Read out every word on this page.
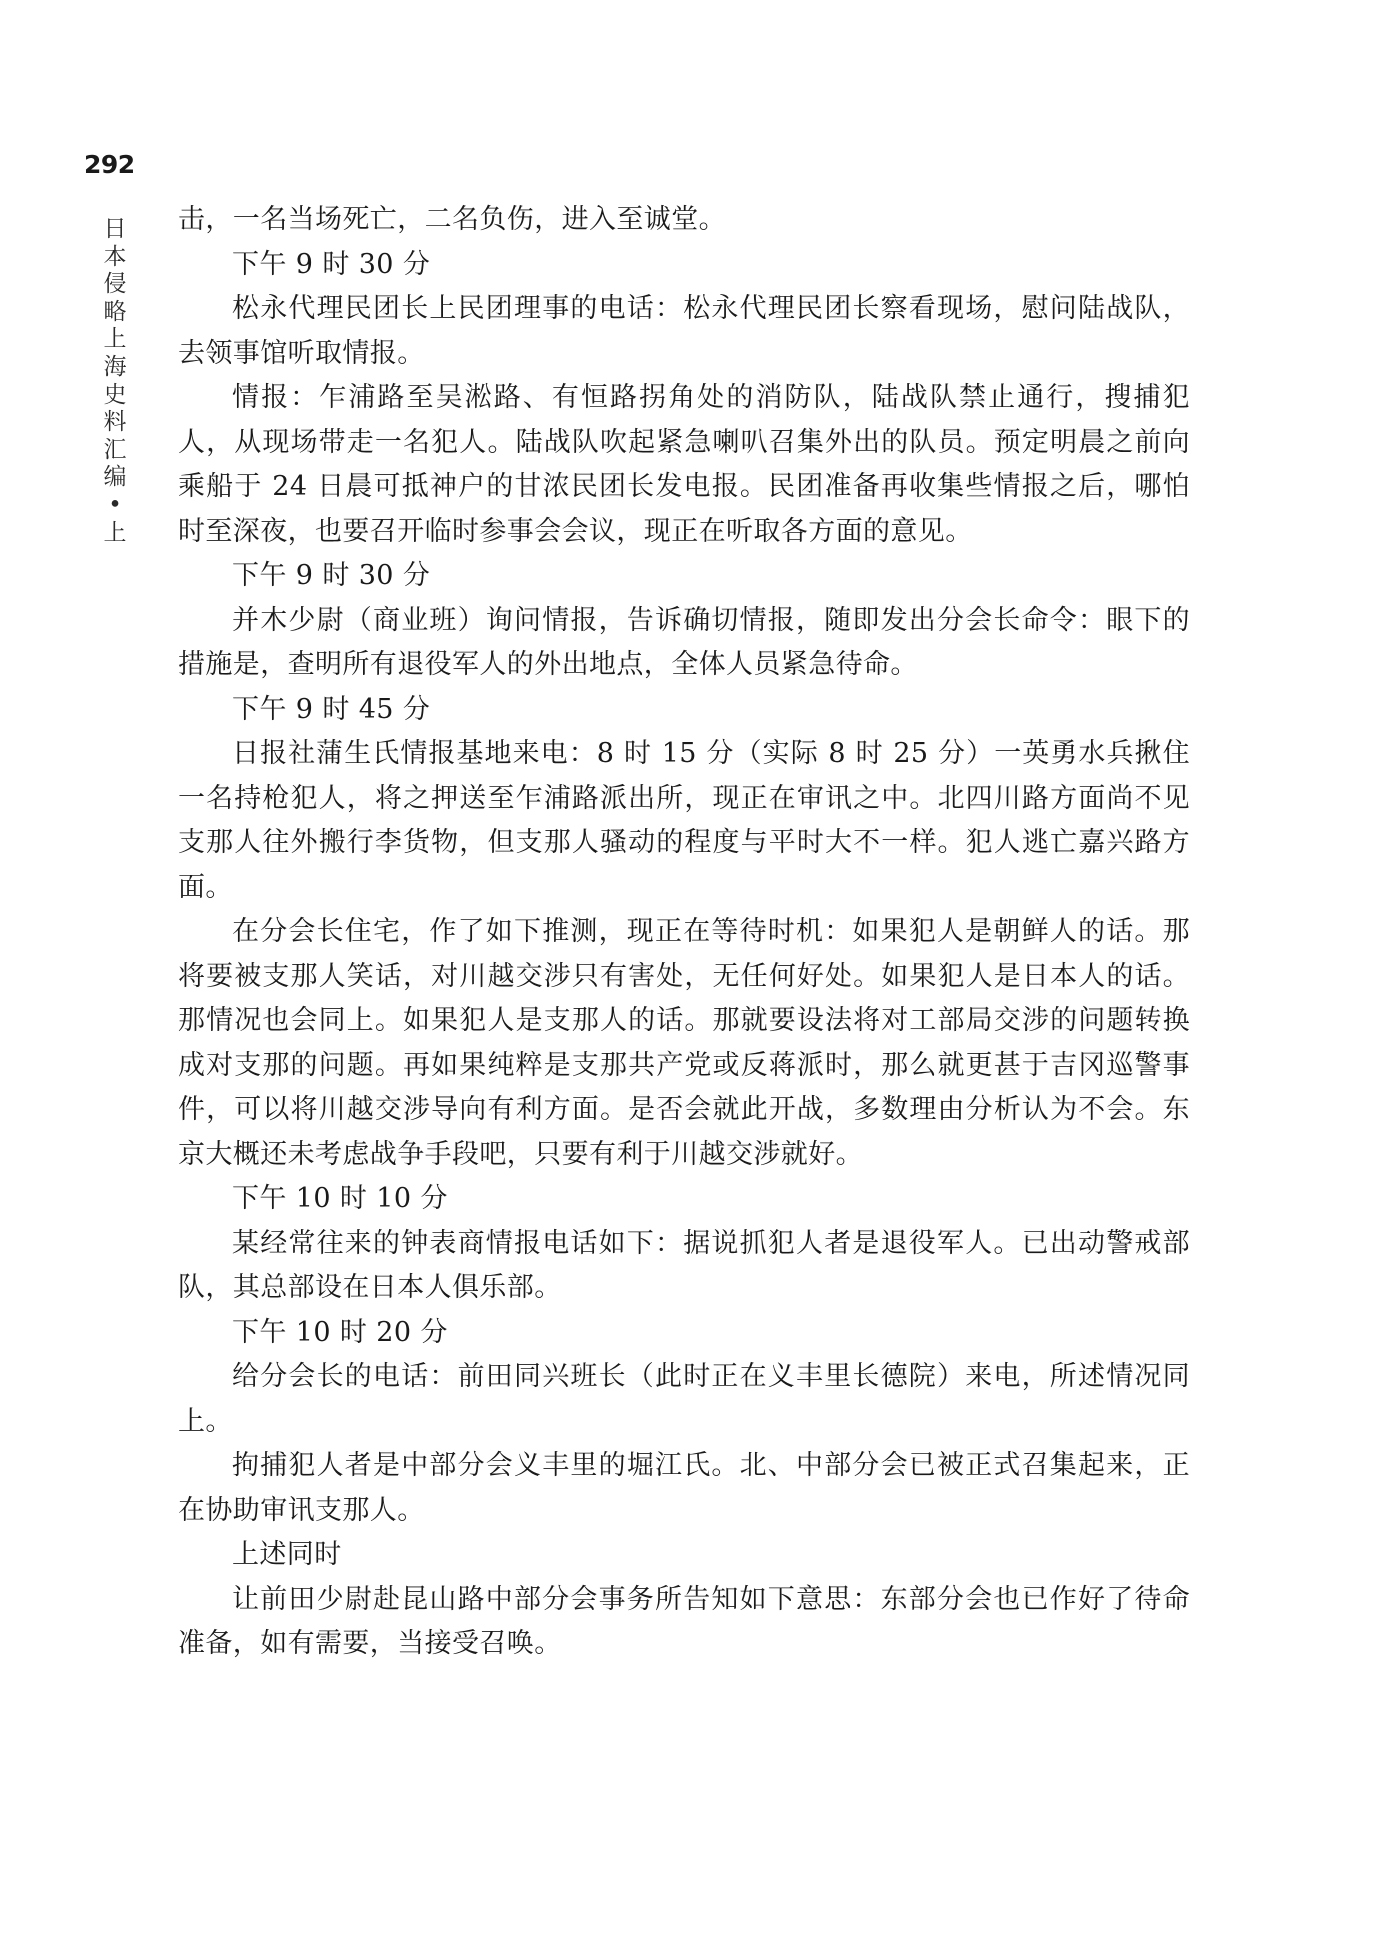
292
日本侵略上海史料汇编 • 上

击，一名当场死亡，二名负伤，进入至诚堂。

下午 9 时 30 分

松永代理民团长上民团理事的电话：松永代理民团长察看现场，慰问陆战队，去领事馆听取情报。

情报：乍浦路至吴淞路、有恒路拐角处的消防队，陆战队禁止通行，搜捕犯人，从现场带走一名犯人。陆战队吹起紧急喇叭召集外出的队员。预定明晨之前向乘船于 24 日晨可抵神户的甘浓民团长发电报。民团准备再收集些情报之后，哪怕时至深夜，也要召开临时参事会会议，现正在听取各方面的意见。

下午 9 时 30 分

并木少尉（商业班）询问情报，告诉确切情报，随即发出分会长命令：眼下的措施是，查明所有退役军人的外出地点，全体人员紧急待命。

下午 9 时 45 分

日报社蒲生氏情报基地来电：8 时 15 分（实际 8 时 25 分）一英勇水兵揪住一名持枪犯人，将之押送至乍浦路派出所，现正在审讯之中。北四川路方面尚不见支那人往外搬行李货物，但支那人骚动的程度与平时大不一样。犯人逃亡嘉兴路方面。

在分会长住宅，作了如下推测，现正在等待时机：如果犯人是朝鲜人的话。那将要被支那人笑话，对川越交涉只有害处，无任何好处。如果犯人是日本人的话。那情况也会同上。如果犯人是支那人的话。那就要设法将对工部局交涉的问题转换成对支那的问题。再如果纯粹是支那共产党或反蒋派时，那么就更甚于吉冈巡警事件，可以将川越交涉导向有利方面。是否会就此开战，多数理由分析认为不会。东京大概还未考虑战争手段吧，只要有利于川越交涉就好。

下午 10 时 10 分

某经常往来的钟表商情报电话如下：据说抓犯人者是退役军人。已出动警戒部队，其总部设在日本人俱乐部。

下午 10 时 20 分

给分会长的电话：前田同兴班长（此时正在义丰里长德院）来电，所述情况同上。

拘捕犯人者是中部分会义丰里的堀江氏。北、中部分会已被正式召集起来，正在协助审讯支那人。

上述同时

让前田少尉赴昆山路中部分会事务所告知如下意思：东部分会也已作好了待命准备，如有需要，当接受召唤。
